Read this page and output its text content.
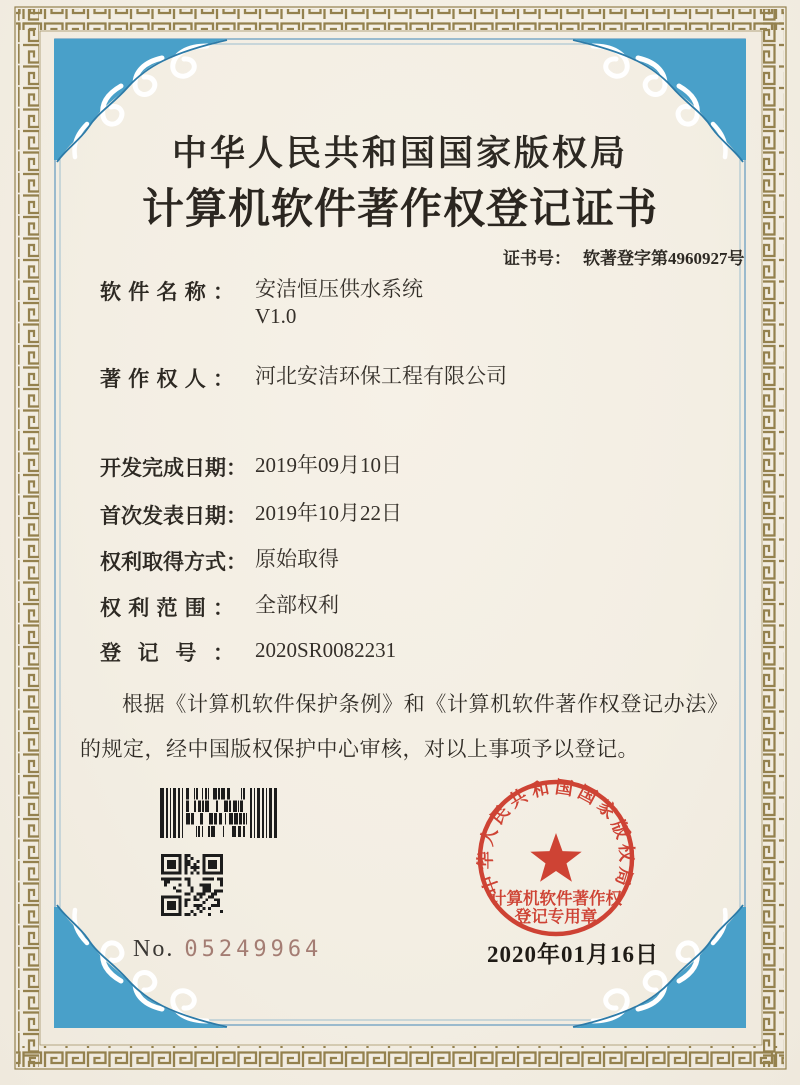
中华人民共和国国家版权局
计算机软件著作权登记证书
证书号： 软著登字第4960927号
软件名称： 安洁恒压供水系统
V1.0
著作权人： 河北安洁环保工程有限公司
开发完成日期： 2019年09月10日
首次发表日期： 2019年10月22日
权利取得方式： 原始取得
权利范围： 全部权利
登记号： 2020SR0082231
根据《计算机软件保护条例》和《计算机软件著作权登记办法》的规定，经中国版权保护中心审核，对以上事项予以登记。
No. 05249964
中华人民共和国国家版权局
计算机软件著作权
登记专用章
2020年01月16日
